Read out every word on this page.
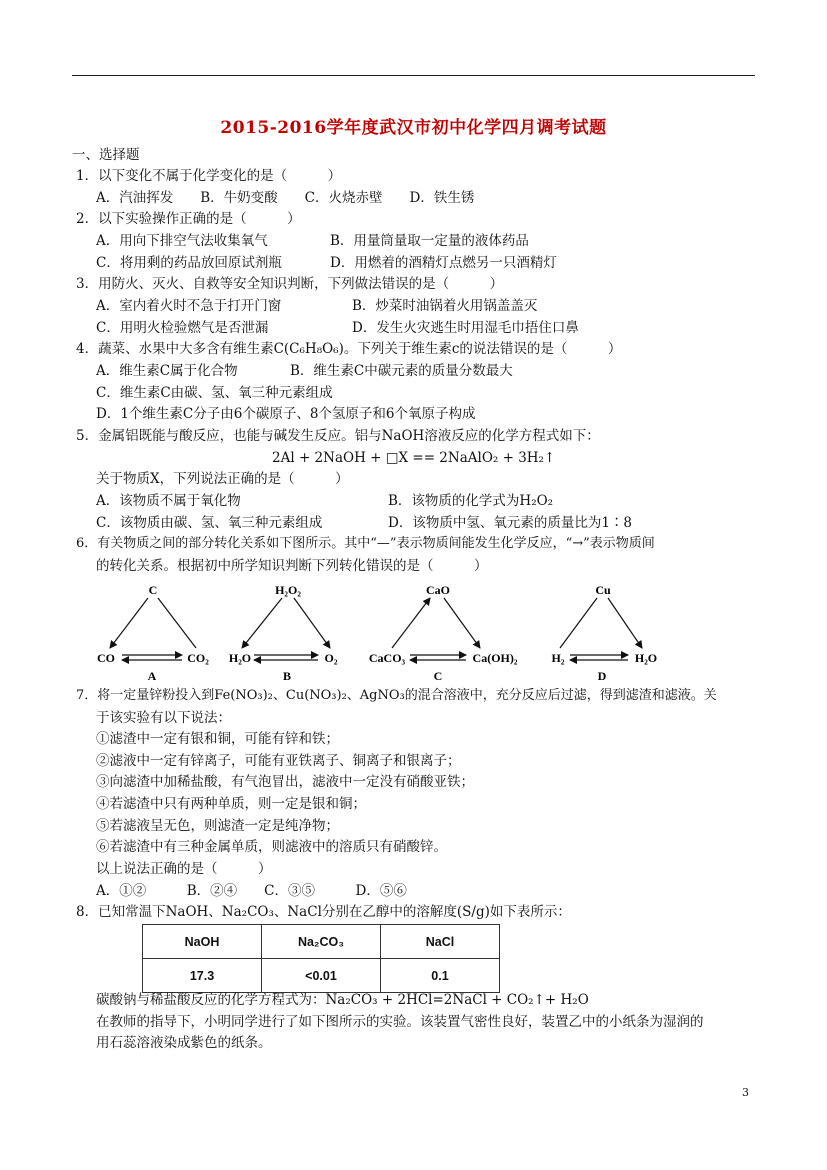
2015-2016学年度武汉市初中化学四月调考试题
一、选择题
1．以下变化不属于化学变化的是（　　　）
A．汽油挥发　　B．牛奶变酸　　C．火烧赤壁　　D．铁生锈
2．以下实验操作正确的是（　　　）
A．用向下排空气法收集氧气	B．用量筒量取一定量的液体药品
C．将用剩的药品放回原试剂瓶	D．用燃着的酒精灯点燃另一只酒精灯
3．用防火、灭火、自救等安全知识判断，下列做法错误的是（　　　）
A．室内着火时不急于打开门窗	B．炒菜时油锅着火用锅盖盖灭
C．用明火检验燃气是否泄漏	D．发生火灾逃生时用湿毛巾捂住口鼻
4．蔬菜、水果中大多含有维生素C(C₆H₈O₆)。下列关于维生素c的说法错误的是（　　　）
A．维生素C属于化合物	B．维生素C中碳元素的质量分数最大
C．维生素C由碳、氢、氧三种元素组成
D．1个维生素C分子由6个碳原子、8个氢原子和6个氧原子构成
5．金属铝既能与酸反应，也能与碱发生反应。铝与NaOH溶液反应的化学方程式如下：
2Al + 2NaOH + □X == 2NaAlO₂ + 3H₂↑
关于物质X，下列说法正确的是（　　　）
A．该物质不属于氧化物	B．该物质的化学式为H₂O₂
C．该物质由碳、氢、氧三种元素组成	D．该物质中氢、氧元素的质量比为1∶8
6．有关物质之间的部分转化关系如下图所示。其中“—”表示物质间能发生化学反应，“→”表示物质间
的转化关系。根据初中所学知识判断下列转化错误的是（　　　）
C
CO	CO₂
A
H₂O₂
H₂O	O₂
B
CaO
CaCO₃	Ca(OH)₂
C
Cu
H₂	H₂O
D
7．将一定量锌粉投入到Fe(NO₃)₂、Cu(NO₃)₂、AgNO₃的混合溶液中，充分反应后过滤，得到滤渣和滤液。关
于该实验有以下说法：
①滤渣中一定有银和铜，可能有锌和铁；
②滤液中一定有锌离子，可能有亚铁离子、铜离子和银离子；
③向滤渣中加稀盐酸，有气泡冒出，滤液中一定没有硝酸亚铁；
④若滤渣中只有两种单质，则一定是银和铜；
⑤若滤液呈无色，则滤渣一定是纯净物；
⑥若滤渣中有三种金属单质，则滤液中的溶质只有硝酸锌。
以上说法正确的是（　　　）
A．①②　　　B．②④　　C．③⑤　　　D．⑤⑥
8．已知常温下NaOH、Na₂CO₃、NaCl分别在乙醇中的溶解度(S/g)如下表所示：
NaOH	Na₂CO₃	NaCl
17.3	<0.01	0.1
碳酸钠与稀盐酸反应的化学方程式为：Na₂CO₃ + 2HCl=2NaCl + CO₂↑+ H₂O
在教师的指导下，小明同学进行了如下图所示的实验。该装置气密性良好，装置乙中的小纸条为湿润的
用石蕊溶液染成紫色的纸条。
3
